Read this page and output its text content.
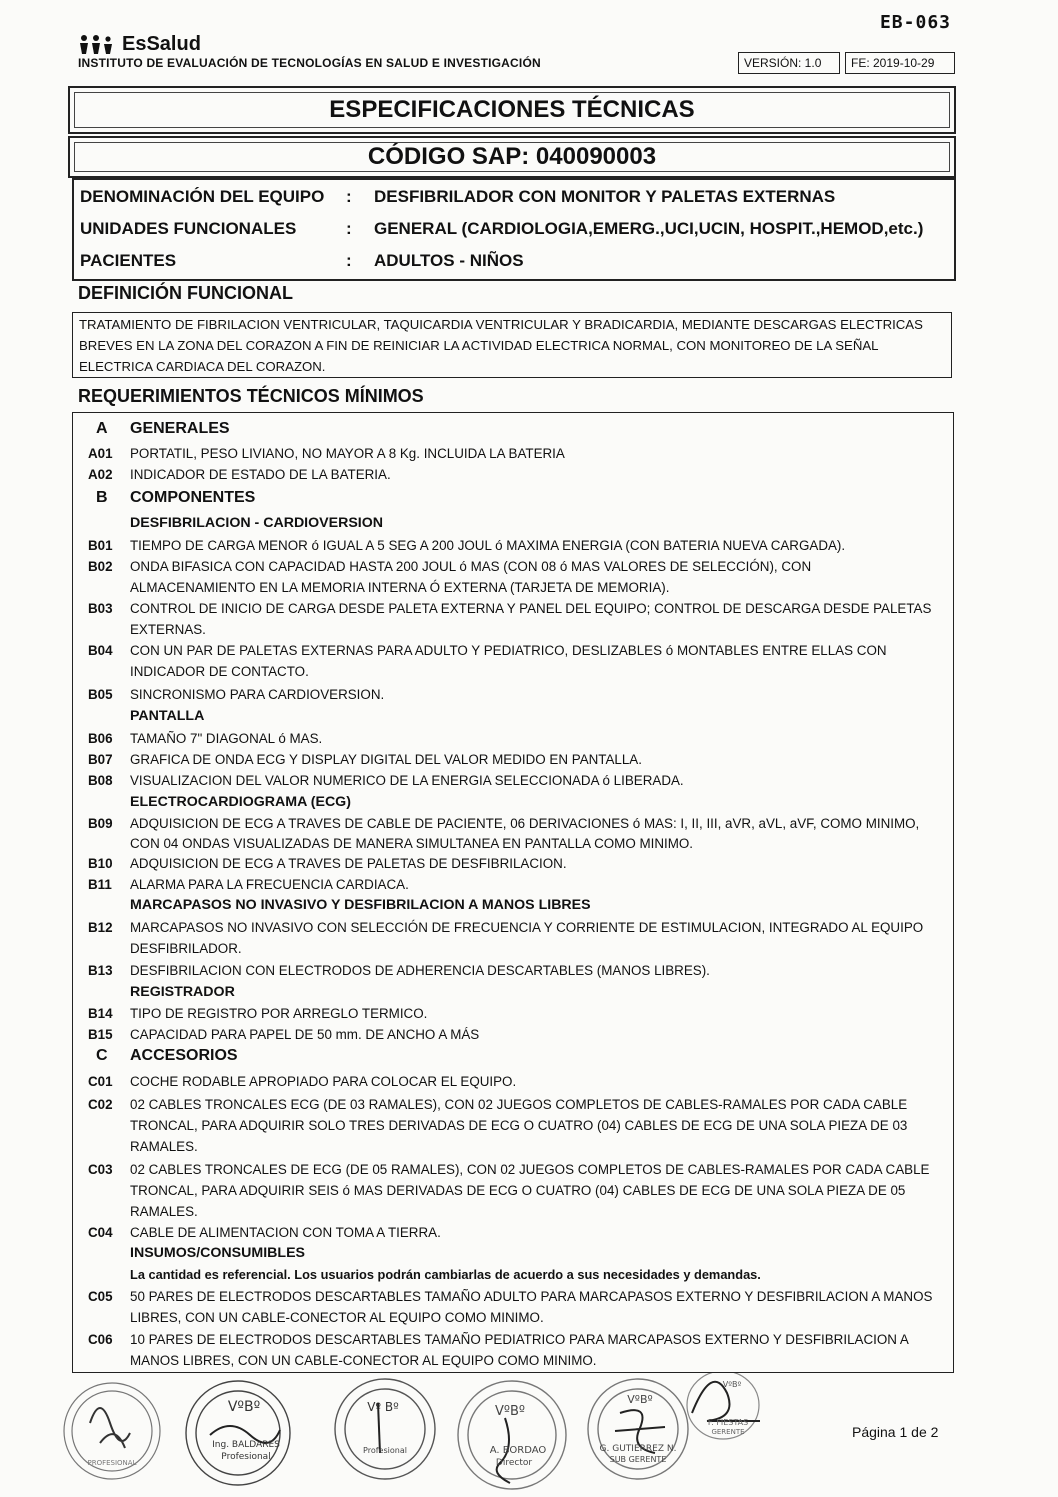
EB-063
EsSalud
INSTITUTO DE EVALUACIÓN DE TECNOLOGÍAS EN SALUD E INVESTIGACIÓN	VERSIÓN: 1.0	FE: 2019-10-29
ESPECIFICACIONES TÉCNICAS
CÓDIGO SAP: 040090003
DENOMINACIÓN DEL EQUIPO : DESFIBRILADOR CON MONITOR Y PALETAS EXTERNAS
UNIDADES FUNCIONALES	: GENERAL (CARDIOLOGIA,EMERG.,UCI,UCIN, HOSPIT.,HEMOD,etc.)
PACIENTES	: ADULTOS - NIÑOS
DEFINICIÓN FUNCIONAL
TRATAMIENTO DE FIBRILACION VENTRICULAR, TAQUICARDIA VENTRICULAR Y BRADICARDIA, MEDIANTE DESCARGAS ELECTRICAS
BREVES EN LA ZONA DEL CORAZON A FIN DE REINICIAR LA ACTIVIDAD ELECTRICA NORMAL, CON MONITOREO DE LA SEÑAL
ELECTRICA CARDIACA DEL CORAZON.
REQUERIMIENTOS TÉCNICOS MÍNIMOS
A GENERALES
A01 PORTATIL, PESO LIVIANO, NO MAYOR A 8 Kg. INCLUIDA LA BATERIA
A02 INDICADOR DE ESTADO DE LA BATERIA.
B COMPONENTES
DESFIBRILACION - CARDIOVERSION
B01 TIEMPO DE CARGA MENOR ó IGUAL A 5 SEG A 200 JOUL ó MAXIMA ENERGIA (CON BATERIA NUEVA CARGADA).
B02 ONDA BIFASICA CON CAPACIDAD HASTA 200 JOUL ó MAS (CON 08 ó MAS VALORES DE SELECCIÓN), CON
ALMACENAMIENTO EN LA MEMORIA INTERNA Ó EXTERNA (TARJETA DE MEMORIA).
B03 CONTROL DE INICIO DE CARGA DESDE PALETA EXTERNA Y PANEL DEL EQUIPO; CONTROL DE DESCARGA DESDE PALETAS
EXTERNAS.
B04 CON UN PAR DE PALETAS EXTERNAS PARA ADULTO Y PEDIATRICO, DESLIZABLES ó MONTABLES ENTRE ELLAS CON
INDICADOR DE CONTACTO.
B05 SINCRONISMO PARA CARDIOVERSION.
PANTALLA
B06 TAMAÑO 7" DIAGONAL ó MAS.
B07 GRAFICA DE ONDA ECG Y DISPLAY DIGITAL DEL VALOR MEDIDO EN PANTALLA.
B08 VISUALIZACION DEL VALOR NUMERICO DE LA ENERGIA SELECCIONADA ó LIBERADA.
ELECTROCARDIOGRAMA (ECG)
B09 ADQUISICION DE ECG A TRAVES DE CABLE DE PACIENTE, 06 DERIVACIONES ó MAS: I, II, III, aVR, aVL, aVF, COMO MINIMO,
CON 04 ONDAS VISUALIZADAS DE MANERA SIMULTANEA EN PANTALLA COMO MINIMO.
B10 ADQUISICION DE ECG A TRAVES DE PALETAS DE DESFIBRILACION.
B11 ALARMA PARA LA FRECUENCIA CARDIACA.
MARCAPASOS NO INVASIVO Y DESFIBRILACION A MANOS LIBRES
B12 MARCAPASOS NO INVASIVO CON SELECCIÓN DE FRECUENCIA Y CORRIENTE DE ESTIMULACION, INTEGRADO AL EQUIPO
DESFIBRILADOR.
B13 DESFIBRILACION CON ELECTRODOS DE ADHERENCIA DESCARTABLES (MANOS LIBRES).
REGISTRADOR
B14 TIPO DE REGISTRO POR ARREGLO TERMICO.
B15 CAPACIDAD PARA PAPEL DE 50 mm. DE ANCHO A MÁS
C ACCESORIOS
C01 COCHE RODABLE APROPIADO PARA COLOCAR EL EQUIPO.
C02 02 CABLES TRONCALES ECG (DE 03 RAMALES), CON 02 JUEGOS COMPLETOS DE CABLES-RAMALES POR CADA CABLE
TRONCAL, PARA ADQUIRIR SOLO TRES DERIVADAS DE ECG O CUATRO (04) CABLES DE ECG DE UNA SOLA PIEZA DE 03
RAMALES.
C03 02 CABLES TRONCALES DE ECG (DE 05 RAMALES), CON 02 JUEGOS COMPLETOS DE CABLES-RAMALES POR CADA CABLE
TRONCAL, PARA ADQUIRIR SEIS ó MAS DERIVADAS DE ECG O CUATRO (04) CABLES DE ECG DE UNA SOLA PIEZA DE 05
RAMALES.
C04 CABLE DE ALIMENTACION CON TOMA A TIERRA.
INSUMOS/CONSUMIBLES
La cantidad es referencial. Los usuarios podrán cambiarlas de acuerdo a sus necesidades y demandas.
C05 50 PARES DE ELECTRODOS DESCARTABLES TAMAÑO ADULTO PARA MARCAPASOS EXTERNO Y DESFIBRILACION A MANOS
LIBRES, CON UN CABLE-CONECTOR AL EQUIPO COMO MINIMO.
C06 10 PARES DE ELECTRODOS DESCARTABLES TAMAÑO PEDIATRICO PARA MARCAPASOS EXTERNO Y DESFIBRILACION A
MANOS LIBRES, CON UN CABLE-CONECTOR AL EQUIPO COMO MINIMO.
PROFESIONAL
VºBº
Ing. BALDARES
Profesional
Vº Bº
Profesional
VºBº
A. BORDAO
Director
VºBº
G. GUTIERREZ N.
SUB GERENTE
VºBº
F. FIESTAS
GERENTE	Página 1 de 2
